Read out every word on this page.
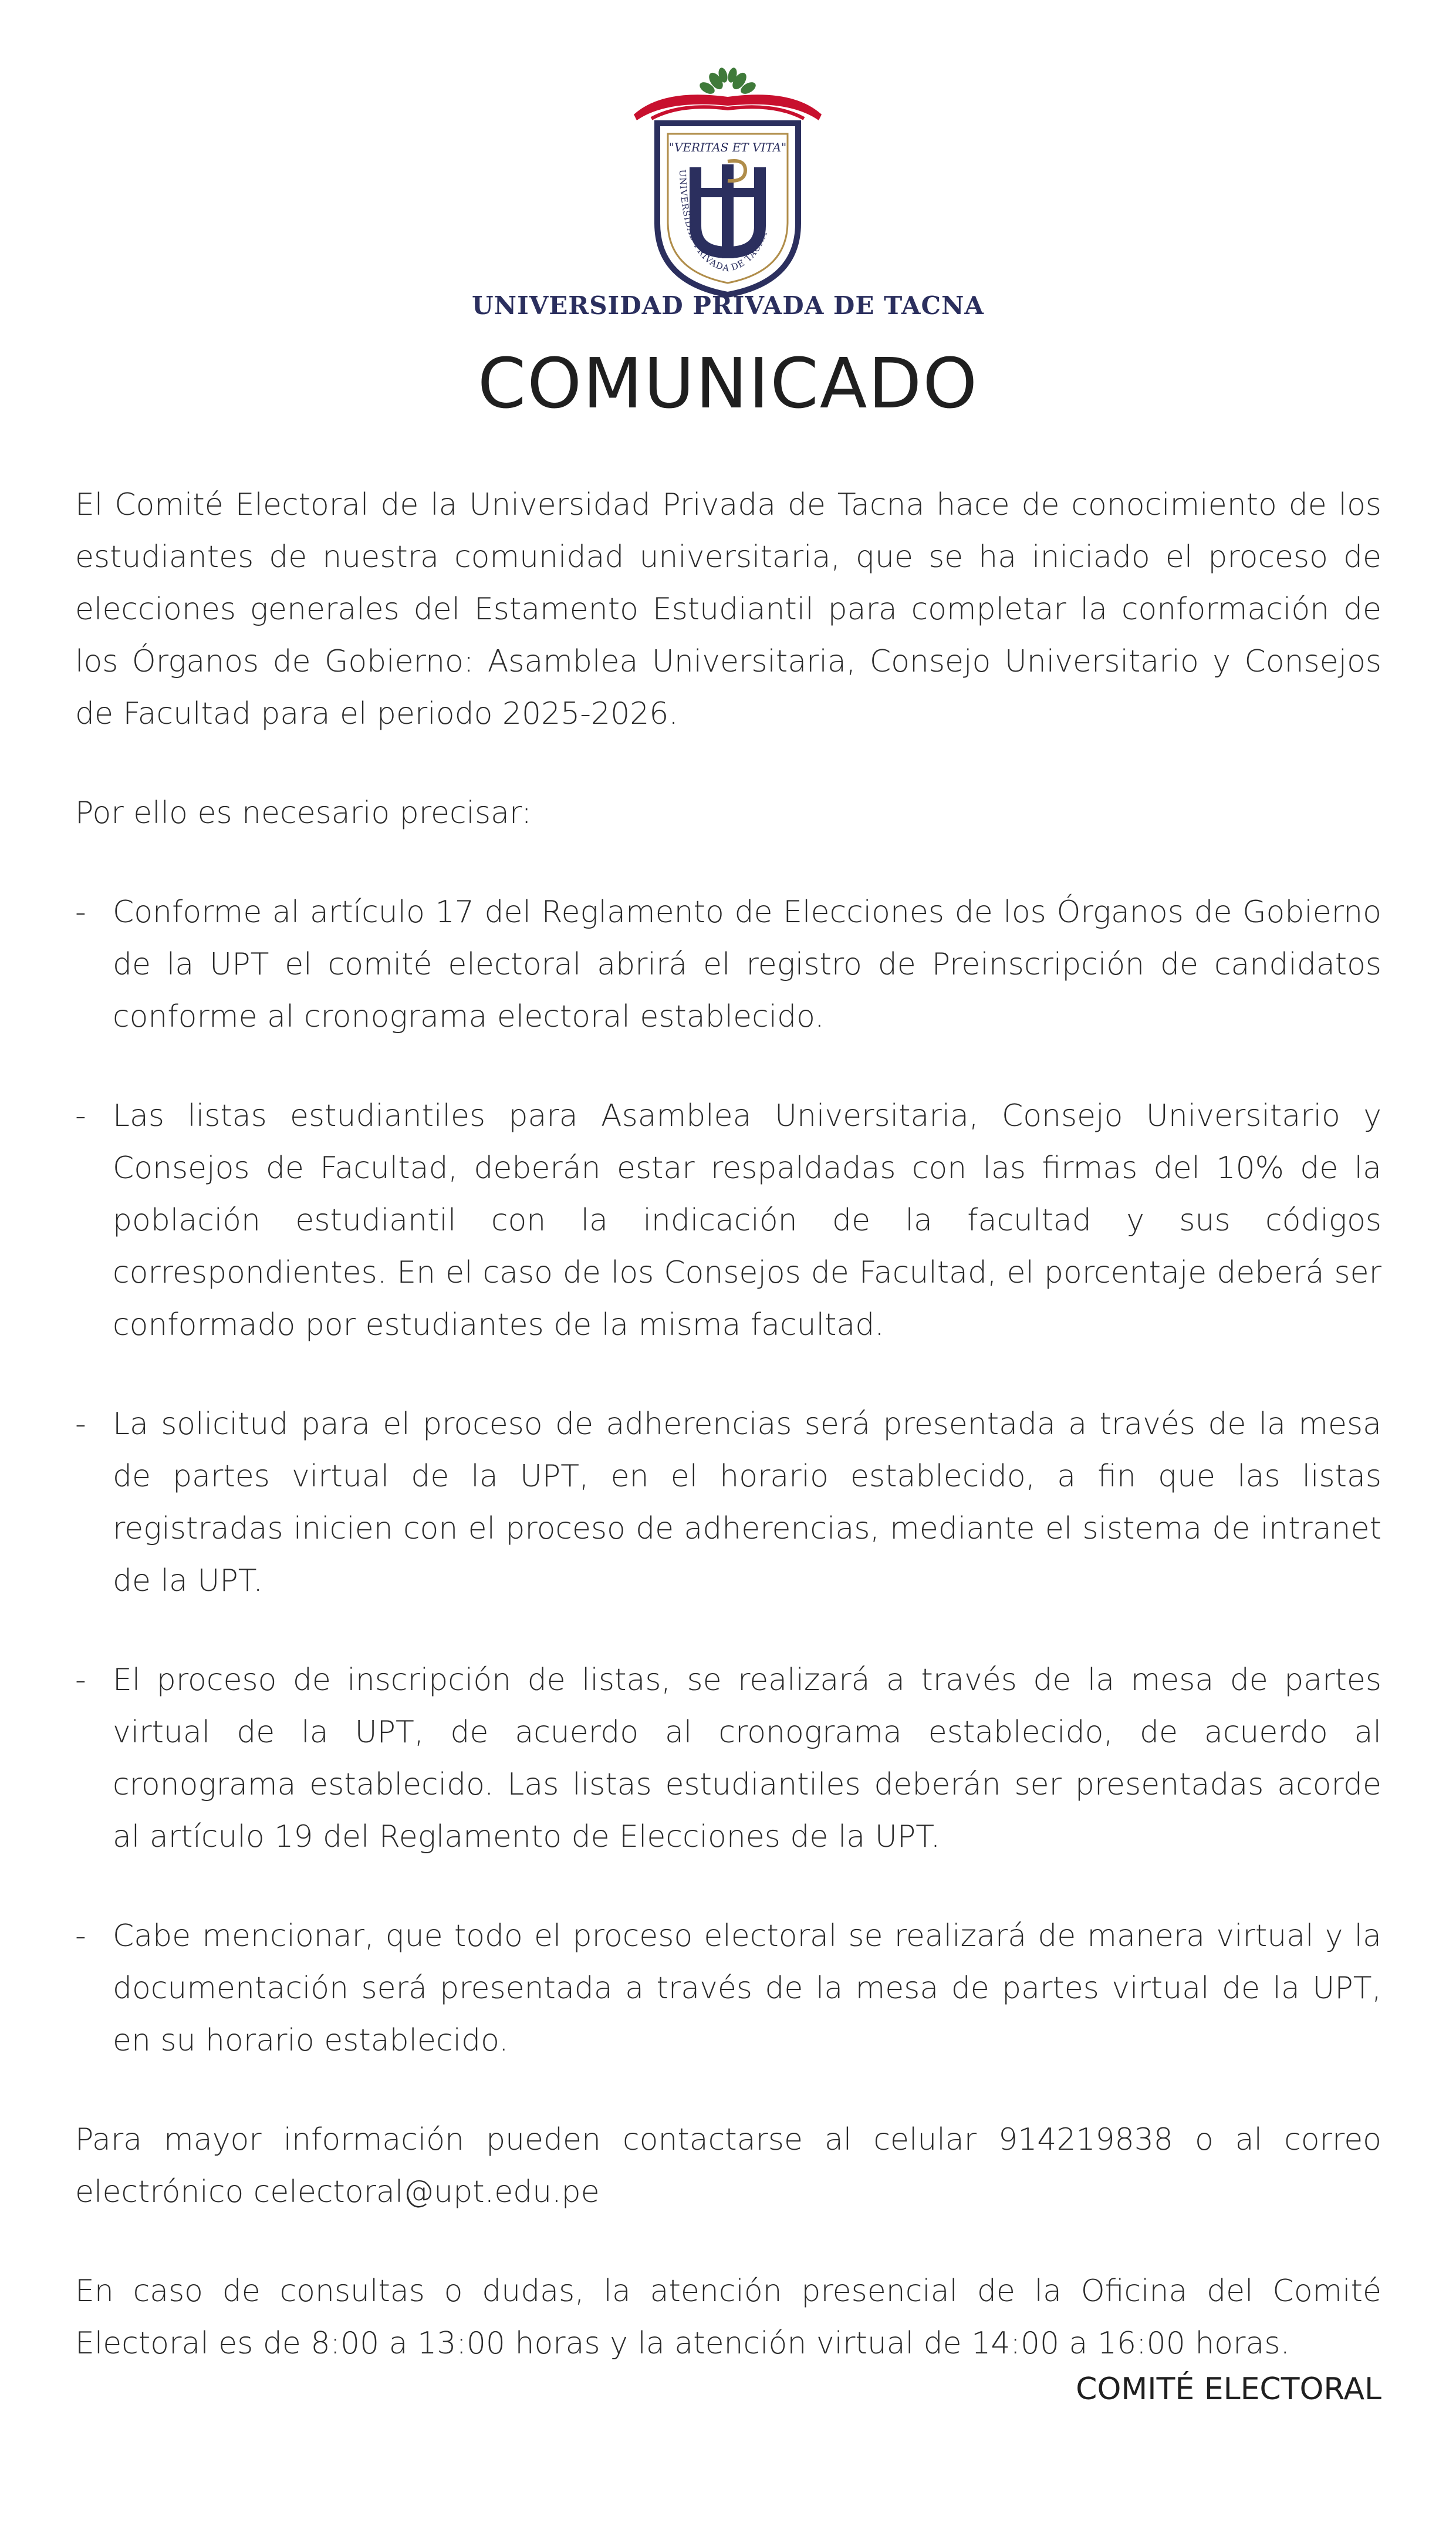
"VERITAS ET VITA"
UNIVERSIDAD PRIVADA DE TACNA
UNIVERSIDAD PRIVADA DE TACNA
COMUNICADO

El Comité Electoral de la Universidad Privada de Tacna hace de conocimiento de los estudiantes de nuestra comunidad universitaria, que se ha iniciado el proceso de elecciones generales del Estamento Estudiantil para completar la conformación de los Órganos de Gobierno: Asamblea Universitaria, Consejo Universitario y Consejos de Facultad para el periodo 2025-2026.

Por ello es necesario precisar:

- Conforme al artículo 17 del Reglamento de Elecciones de los Órganos de Gobierno de la UPT el comité electoral abrirá el registro de Preinscripción de candidatos conforme al cronograma electoral establecido.

- Las listas estudiantiles para Asamblea Universitaria, Consejo Universitario y Consejos de Facultad, deberán estar respaldadas con las firmas del 10% de la población estudiantil con la indicación de la facultad y sus códigos correspondientes. En el caso de los Consejos de Facultad, el porcentaje deberá ser conformado por estudiantes de la misma facultad.

- La solicitud para el proceso de adherencias será presentada a través de la mesa de partes virtual de la UPT, en el horario establecido, a fin que las listas registradas inicien con el proceso de adherencias, mediante el sistema de intranet de la UPT.

- El proceso de inscripción de listas, se realizará a través de la mesa de partes virtual de la UPT, de acuerdo al cronograma establecido, de acuerdo al cronograma establecido. Las listas estudiantiles deberán ser presentadas acorde al artículo 19 del Reglamento de Elecciones de la UPT.

- Cabe mencionar, que todo el proceso electoral se realizará de manera virtual y la documentación será presentada a través de la mesa de partes virtual de la UPT, en su horario establecido.

Para mayor información pueden contactarse al celular 914219838 o al correo electrónico celectoral@upt.edu.pe

En caso de consultas o dudas, la atención presencial de la Oficina del Comité Electoral es de 8:00 a 13:00 horas y la atención virtual de 14:00 a 16:00 horas.

COMITÉ ELECTORAL
